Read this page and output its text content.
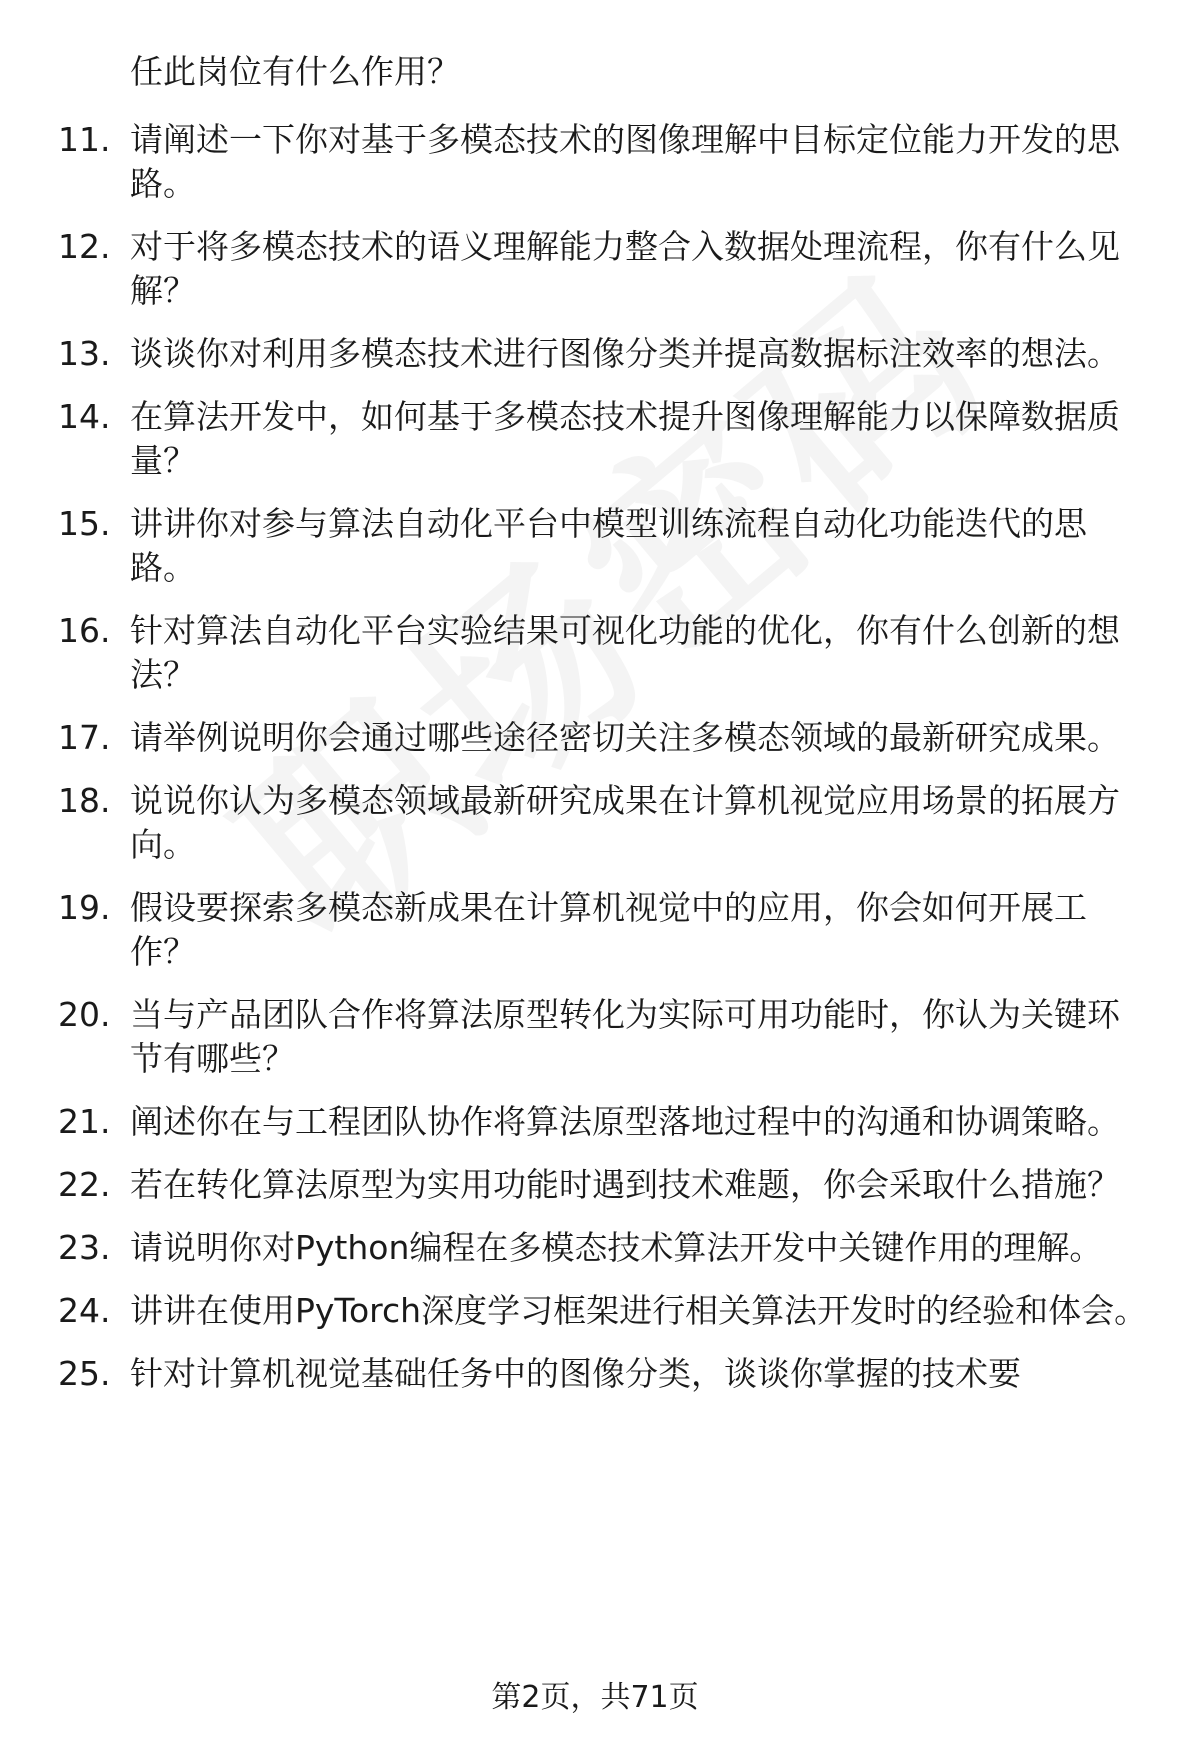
任此岗位有什么作用？
11. 请阐述一下你对基于多模态技术的图像理解中目标定位能力开发的思路。
12. 对于将多模态技术的语义理解能力整合入数据处理流程，你有什么见解？
13. 谈谈你对利用多模态技术进行图像分类并提高数据标注效率的想法。
14. 在算法开发中，如何基于多模态技术提升图像理解能力以保障数据质量？
15. 讲讲你对参与算法自动化平台中模型训练流程自动化功能迭代的思路。
16. 针对算法自动化平台实验结果可视化功能的优化，你有什么创新的想法？
17. 请举例说明你会通过哪些途径密切关注多模态领域的最新研究成果。
18. 说说你认为多模态领域最新研究成果在计算机视觉应用场景的拓展方向。
19. 假设要探索多模态新成果在计算机视觉中的应用，你会如何开展工作？
20. 当与产品团队合作将算法原型转化为实际可用功能时，你认为关键环节有哪些？
21. 阐述你在与工程团队协作将算法原型落地过程中的沟通和协调策略。
22. 若在转化算法原型为实用功能时遇到技术难题，你会采取什么措施？
23. 请说明你对Python编程在多模态技术算法开发中关键作用的理解。
24. 讲讲在使用PyTorch深度学习框架进行相关算法开发时的经验和体会。
25. 针对计算机视觉基础任务中的图像分类，谈谈你掌握的技术要
第2页，共71页
